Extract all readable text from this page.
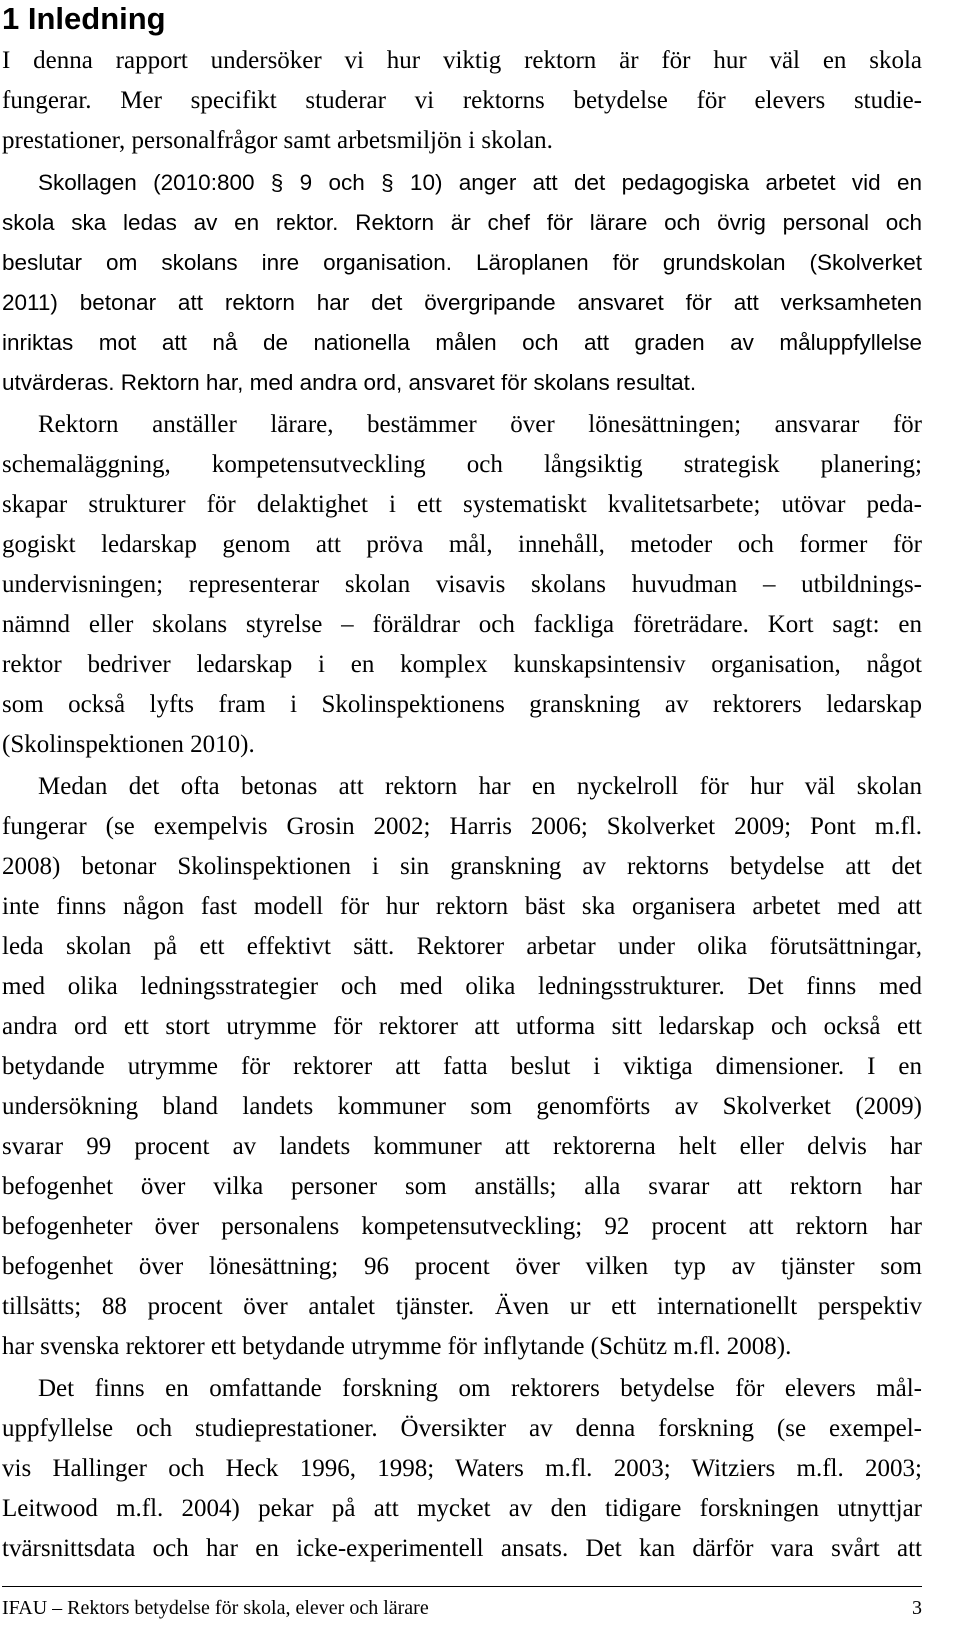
1 Inledning
I denna rapport undersöker vi hur viktig rektorn är för hur väl en skola
fungerar. Mer specifikt studerar vi rektorns betydelse för elevers studie-
prestationer, personalfrågor samt arbetsmiljön i skolan.
Skollagen (2010:800 § 9 och § 10) anger att det pedagogiska arbetet vid en
skola ska ledas av en rektor. Rektorn är chef för lärare och övrig personal och
beslutar om skolans inre organisation. Läroplanen för grundskolan (Skolverket
2011) betonar att rektorn har det övergripande ansvaret för att verksamheten
inriktas mot att nå de nationella målen och att graden av måluppfyllelse
utvärderas. Rektorn har, med andra ord, ansvaret för skolans resultat.
Rektorn anställer lärare, bestämmer över lönesättningen; ansvarar för
schemaläggning, kompetensutveckling och långsiktig strategisk planering;
skapar strukturer för delaktighet i ett systematiskt kvalitetsarbete; utövar peda-
gogiskt ledarskap genom att pröva mål, innehåll, metoder och former för
undervisningen; representerar skolan visavis skolans huvudman – utbildnings-
nämnd eller skolans styrelse – föräldrar och fackliga företrädare. Kort sagt: en
rektor bedriver ledarskap i en komplex kunskapsintensiv organisation, något
som också lyfts fram i Skolinspektionens granskning av rektorers ledarskap
(Skolinspektionen 2010).
Medan det ofta betonas att rektorn har en nyckelroll för hur väl skolan
fungerar (se exempelvis Grosin 2002; Harris 2006; Skolverket 2009; Pont m.fl.
2008) betonar Skolinspektionen i sin granskning av rektorns betydelse att det
inte finns någon fast modell för hur rektorn bäst ska organisera arbetet med att
leda skolan på ett effektivt sätt. Rektorer arbetar under olika förutsättningar,
med olika ledningsstrategier och med olika ledningsstrukturer. Det finns med
andra ord ett stort utrymme för rektorer att utforma sitt ledarskap och också ett
betydande utrymme för rektorer att fatta beslut i viktiga dimensioner. I en
undersökning bland landets kommuner som genomförts av Skolverket (2009)
svarar 99 procent av landets kommuner att rektorerna helt eller delvis har
befogenhet över vilka personer som anställs; alla svarar att rektorn har
befogenheter över personalens kompetensutveckling; 92 procent att rektorn har
befogenhet över lönesättning; 96 procent över vilken typ av tjänster som
tillsätts; 88 procent över antalet tjänster. Även ur ett internationellt perspektiv
har svenska rektorer ett betydande utrymme för inflytande (Schütz m.fl. 2008).
Det finns en omfattande forskning om rektorers betydelse för elevers mål-
uppfyllelse och studieprestationer. Översikter av denna forskning (se exempel-
vis Hallinger och Heck 1996, 1998; Waters m.fl. 2003; Witziers m.fl. 2003;
Leitwood m.fl. 2004) pekar på att mycket av den tidigare forskningen utnyttjar
tvärsnittsdata och har en icke-experimentell ansats. Det kan därför vara svårt att
IFAU – Rektors betydelse för skola, elever och lärare	3
